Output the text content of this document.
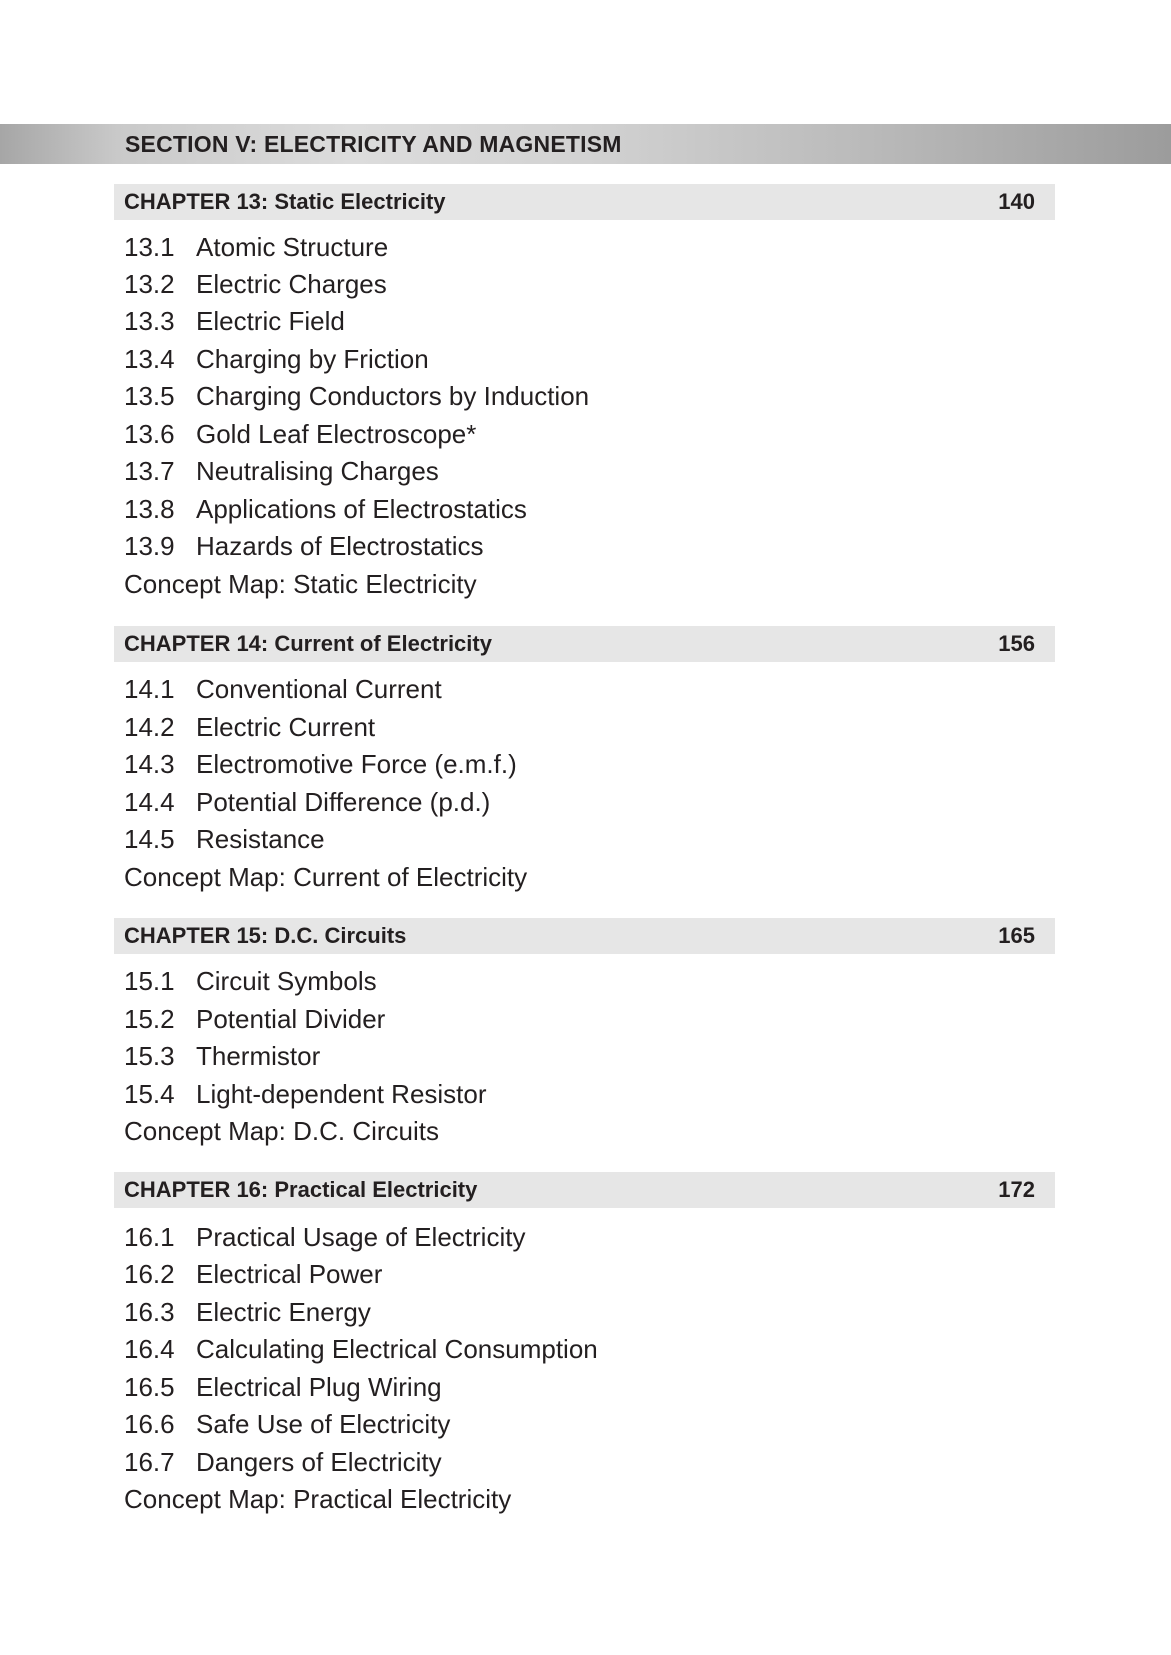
SECTION V: ELECTRICITY AND MAGNETISM
CHAPTER 13: Static Electricity	140
13.1 Atomic Structure
13.2 Electric Charges
13.3 Electric Field
13.4 Charging by Friction
13.5 Charging Conductors by Induction
13.6 Gold Leaf Electroscope*
13.7 Neutralising Charges
13.8 Applications of Electrostatics
13.9 Hazards of Electrostatics
Concept Map: Static Electricity
CHAPTER 14: Current of Electricity	156
14.1 Conventional Current
14.2 Electric Current
14.3 Electromotive Force (e.m.f.)
14.4 Potential Difference (p.d.)
14.5 Resistance
Concept Map: Current of Electricity
CHAPTER 15: D.C. Circuits	165
15.1 Circuit Symbols
15.2 Potential Divider
15.3 Thermistor
15.4 Light-dependent Resistor
Concept Map: D.C. Circuits
CHAPTER 16: Practical Electricity	172
16.1 Practical Usage of Electricity
16.2 Electrical Power
16.3 Electric Energy
16.4 Calculating Electrical Consumption
16.5 Electrical Plug Wiring
16.6 Safe Use of Electricity
16.7 Dangers of Electricity
Concept Map: Practical Electricity
